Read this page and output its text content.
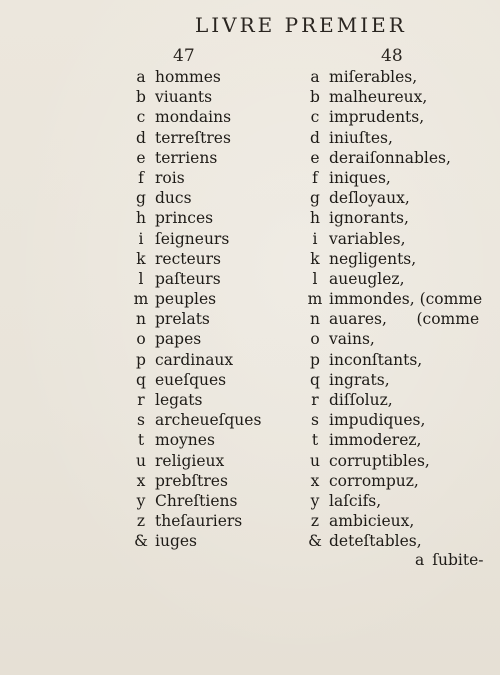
LIVRE PREMIER
47	48
a hommes
b viuants
c mondains
d terreſtres
e terriens
f rois
g ducs
h princes
i ſeigneurs
k recteurs
l paſteurs
m peuples
n prelats
o papes
p cardinaux
q eueſques
r legats
s archeueſques
t moynes
u religieux
x prebſtres
y Chreſtiens
z theſauriers
& iuges
a miſerables,
b malheureux,
c imprudents,
d iniuſtes,
e deraiſonnables,
f iniques,
g deſloyaux,
h ignorants,
i variables,
k negligents,
l aueuglez,
m immondes, (comme
n auares,      (comme
o vains,
p inconſtants,
q ingrats,
r diſſoluz,
s impudiques,
t immoderez,
u corruptibles,
x corrompuz,
y laſcifs,
z ambicieux,
& deteſtables,
a ſubite-
